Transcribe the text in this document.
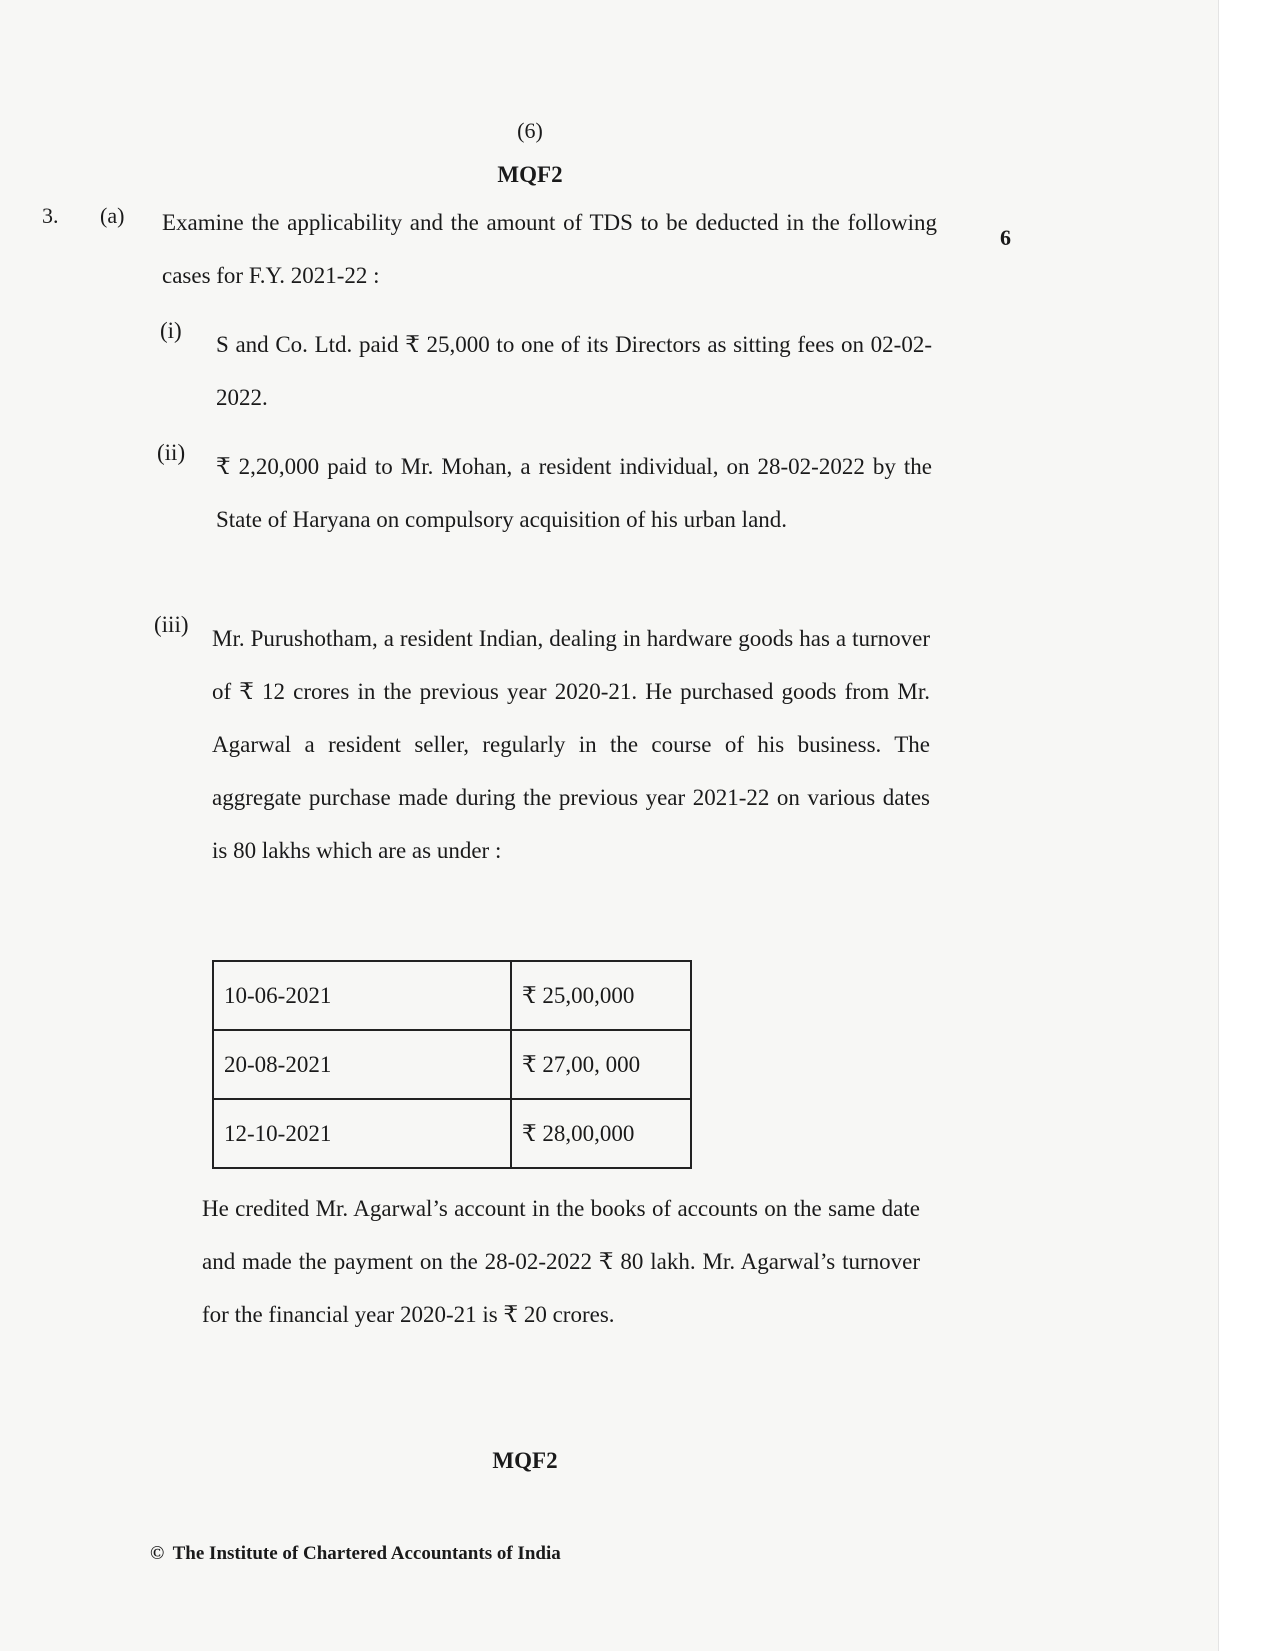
(6)
MQF2
3. (a)
6
Examine the applicability and the amount of TDS to be deducted in the following cases for F.Y. 2021-22 :
(i)
S and Co. Ltd. paid ₹ 25,000 to one of its Directors as sitting fees on 02-02-2022.
(ii)
₹ 2,20,000 paid to Mr. Mohan, a resident individual, on 28-02-2022 by the State of Haryana on compulsory acquisition of his urban land.
(iii)
Mr. Purushotham, a resident Indian, dealing in hardware goods has a turnover of ₹ 12 crores in the previous year 2020-21. He purchased goods from Mr. Agarwal a resident seller, regularly in the course of his business. The aggregate purchase made during the previous year 2021-22 on various dates is 80 lakhs which are as under :
10-06-2021	₹ 25,00,000
20-08-2021	₹ 27,00, 000
12-10-2021	₹ 28,00,000
He credited Mr. Agarwal’s account in the books of accounts on the same date and made the payment on the 28-02-2022 ₹ 80 lakh. Mr. Agarwal’s turnover for the financial year 2020-21 is ₹ 20 crores.
MQF2
© The Institute of Chartered Accountants of India
